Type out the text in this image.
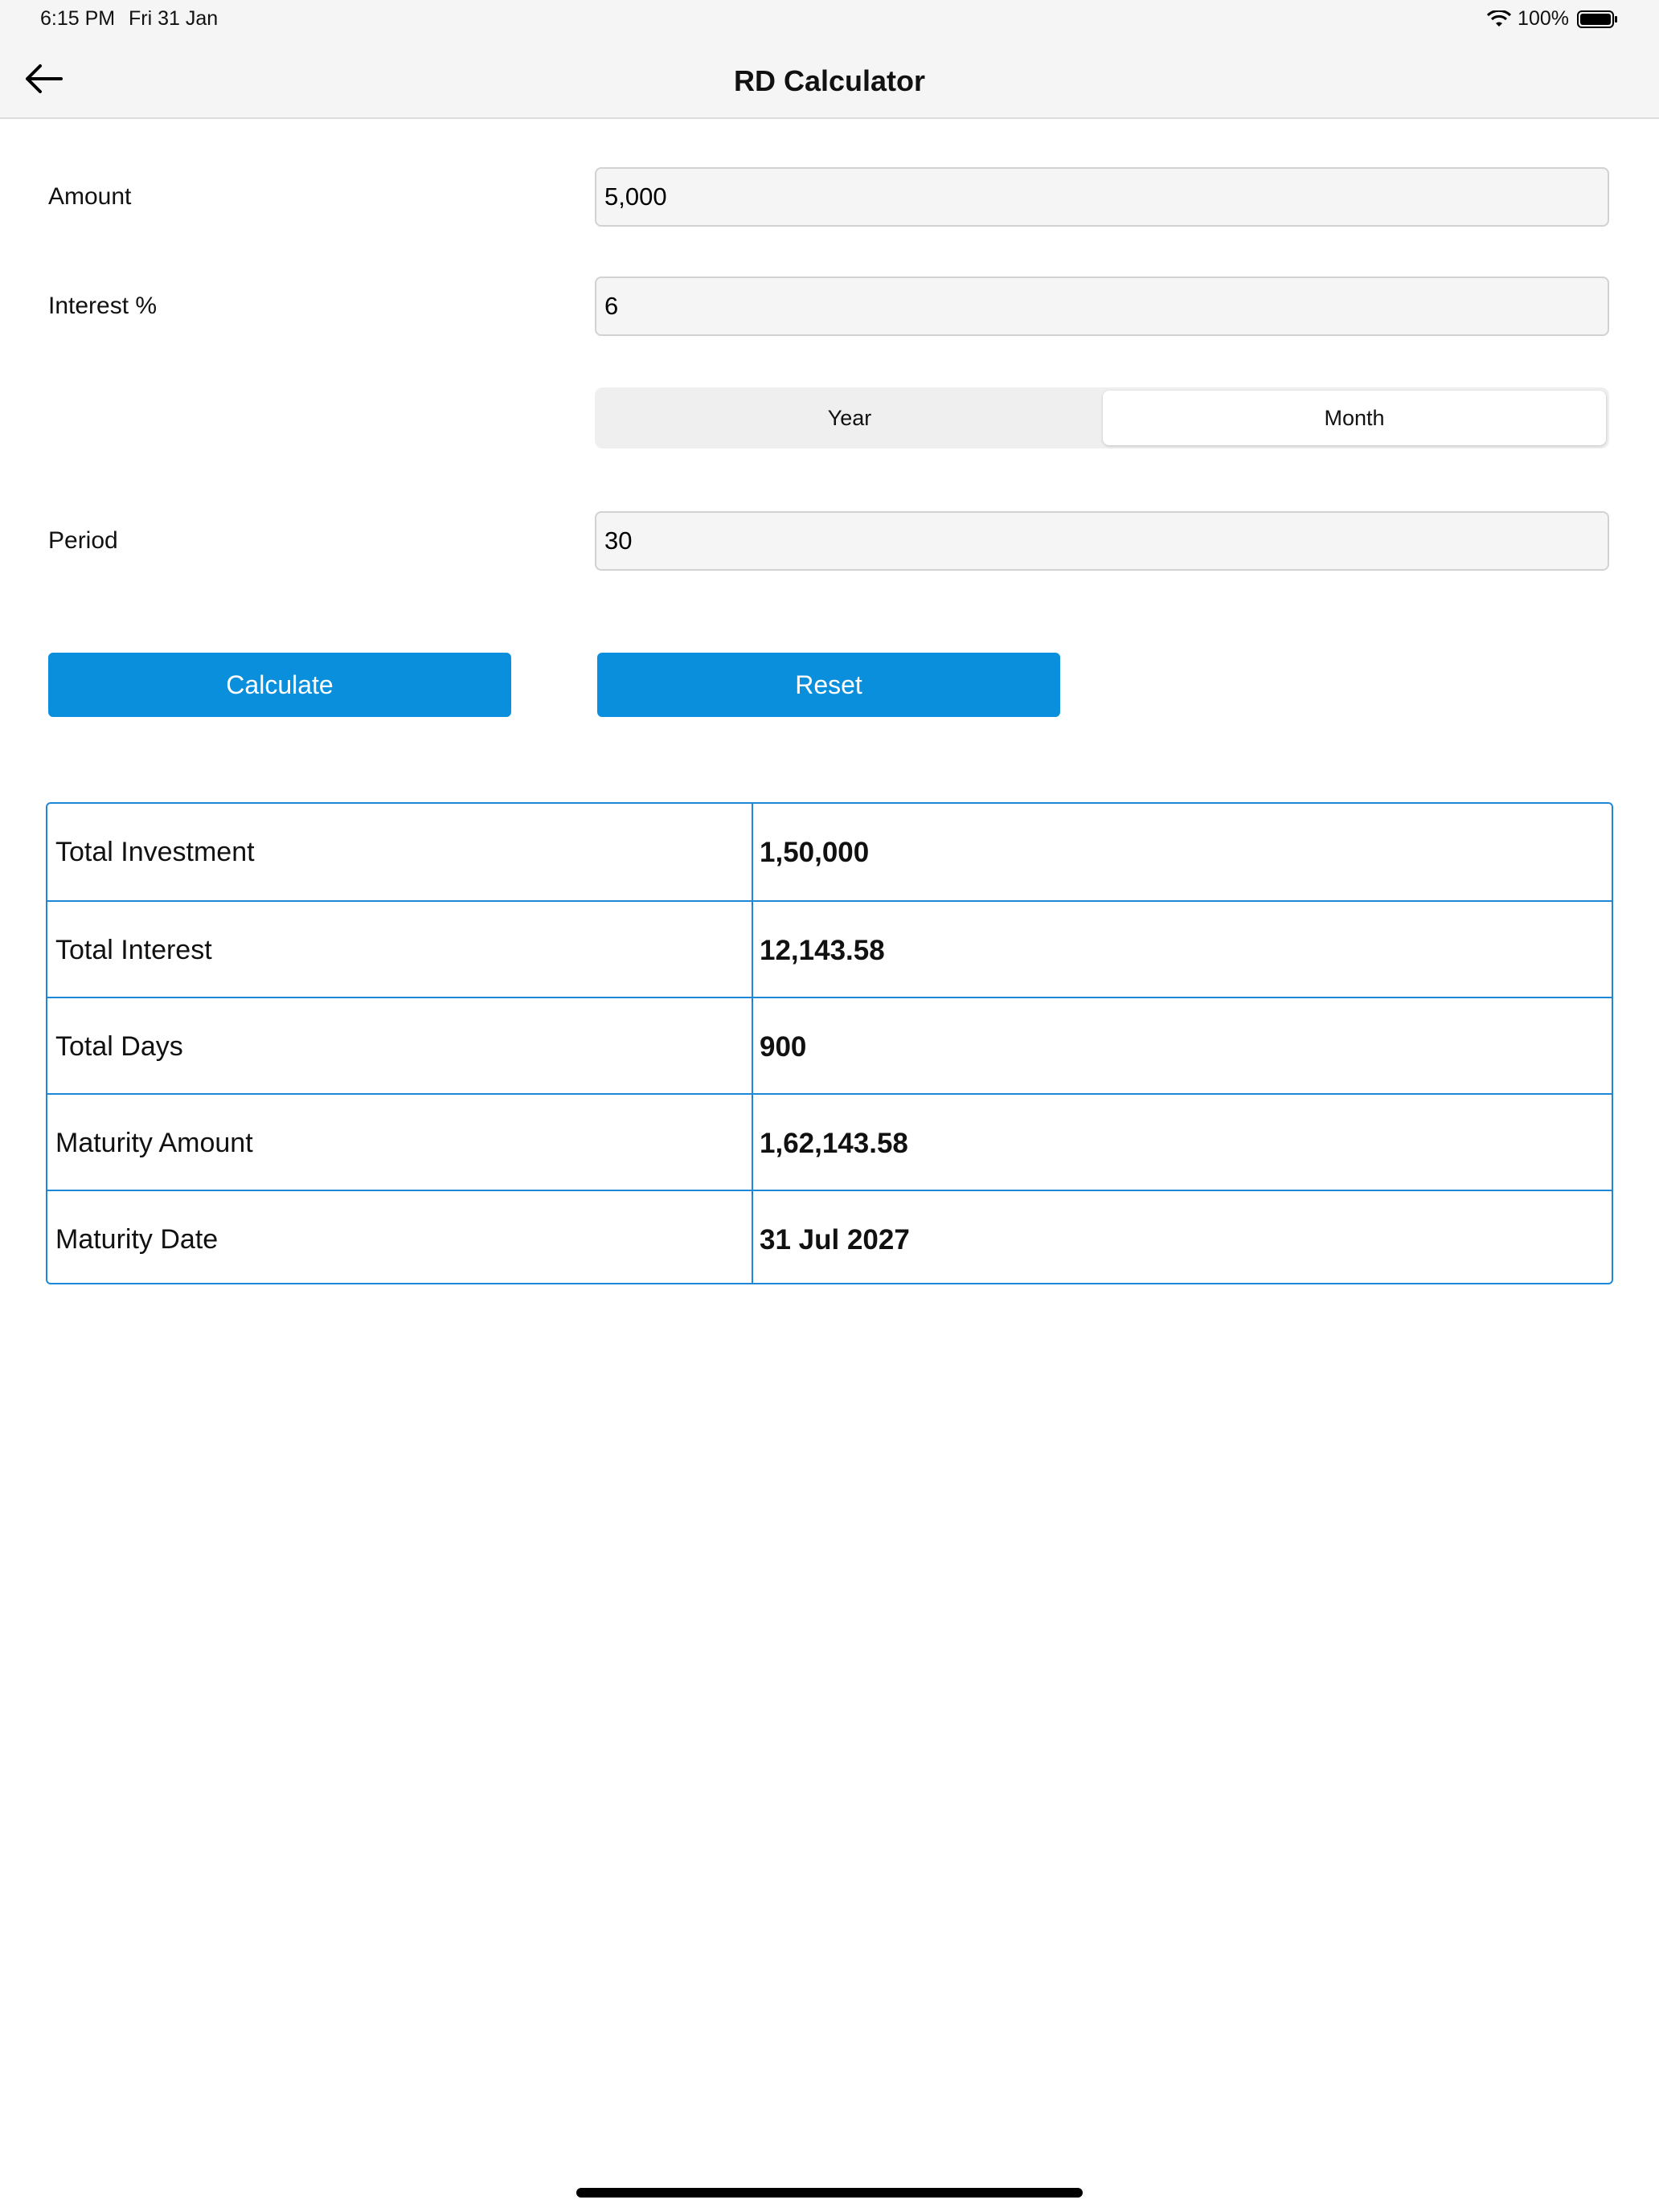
6:15 PM Fri 31 Jan	100%
RD Calculator
Amount	5,000
Interest %	6
Year	Month
Period	30
Calculate	Reset
Total Investment	1,50,000
Total Interest	12,143.58
Total Days	900
Maturity Amount	1,62,143.58
Maturity Date	31 Jul 2027
